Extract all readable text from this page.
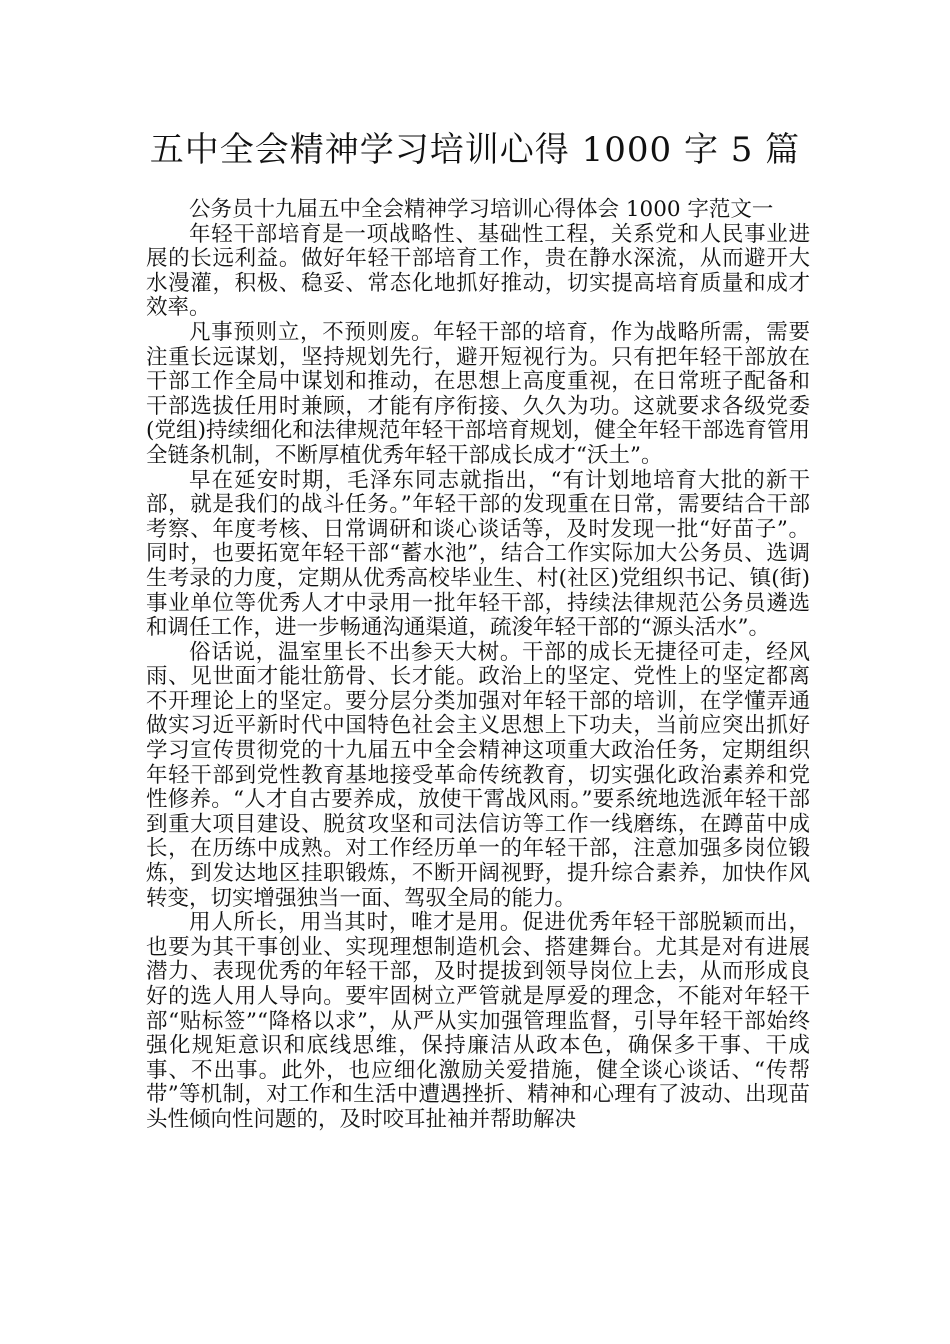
五中全会精神学习培训心得 1000 字 5 篇

公务员十九届五中全会精神学习培训心得体会 1000 字范文一

年轻干部培育是一项战略性、基础性工程，关系党和人民事业进展的长远利益。做好年轻干部培育工作，贵在静水深流，从而避开大水漫灌，积极、稳妥、常态化地抓好推动，切实提高培育质量和成才效率。

凡事预则立，不预则废。年轻干部的培育，作为战略所需，需要注重长远谋划，坚持规划先行，避开短视行为。只有把年轻干部放在干部工作全局中谋划和推动，在思想上高度重视，在日常班子配备和干部选拔任用时兼顾，才能有序衔接、久久为功。这就要求各级党委(党组)持续细化和法律规范年轻干部培育规划，健全年轻干部选育管用全链条机制，不断厚植优秀年轻干部成长成才“沃土”。

早在延安时期，毛泽东同志就指出，“有计划地培育大批的新干部，就是我们的战斗任务。”年轻干部的发现重在日常，需要结合干部考察、年度考核、日常调研和谈心谈话等，及时发现一批“好苗子”。同时，也要拓宽年轻干部“蓄水池”，结合工作实际加大公务员、选调生考录的力度，定期从优秀高校毕业生、村(社区)党组织书记、镇(街)事业单位等优秀人才中录用一批年轻干部，持续法律规范公务员遴选和调任工作，进一步畅通沟通渠道，疏浚年轻干部的“源头活水”。

俗话说，温室里长不出参天大树。干部的成长无捷径可走，经风雨、见世面才能壮筋骨、长才能。政治上的坚定、党性上的坚定都离不开理论上的坚定。要分层分类加强对年轻干部的培训，在学懂弄通做实习近平新时代中国特色社会主义思想上下功夫，当前应突出抓好学习宣传贯彻党的十九届五中全会精神这项重大政治任务，定期组织年轻干部到党性教育基地接受革命传统教育，切实强化政治素养和党性修养。“人才自古要养成，放使干霄战风雨。”要系统地选派年轻干部到重大项目建设、脱贫攻坚和司法信访等工作一线磨练，在蹲苗中成长，在历练中成熟。对工作经历单一的年轻干部，注意加强多岗位锻炼，到发达地区挂职锻炼，不断开阔视野，提升综合素养，加快作风转变，切实增强独当一面、驾驭全局的能力。

用人所长，用当其时，唯才是用。促进优秀年轻干部脱颖而出，也要为其干事创业、实现理想制造机会、搭建舞台。尤其是对有进展潜力、表现优秀的年轻干部，及时提拔到领导岗位上去，从而形成良好的选人用人导向。要牢固树立严管就是厚爱的理念，不能对年轻干部“贴标签”“降格以求”，从严从实加强管理监督，引导年轻干部始终强化规矩意识和底线思维，保持廉洁从政本色，确保多干事、干成事、不出事。此外，也应细化激励关爱措施，健全谈心谈话、“传帮带”等机制，对工作和生活中遭遇挫折、精神和心理有了波动、出现苗头性倾向性问题的，及时咬耳扯袖并帮助解决
